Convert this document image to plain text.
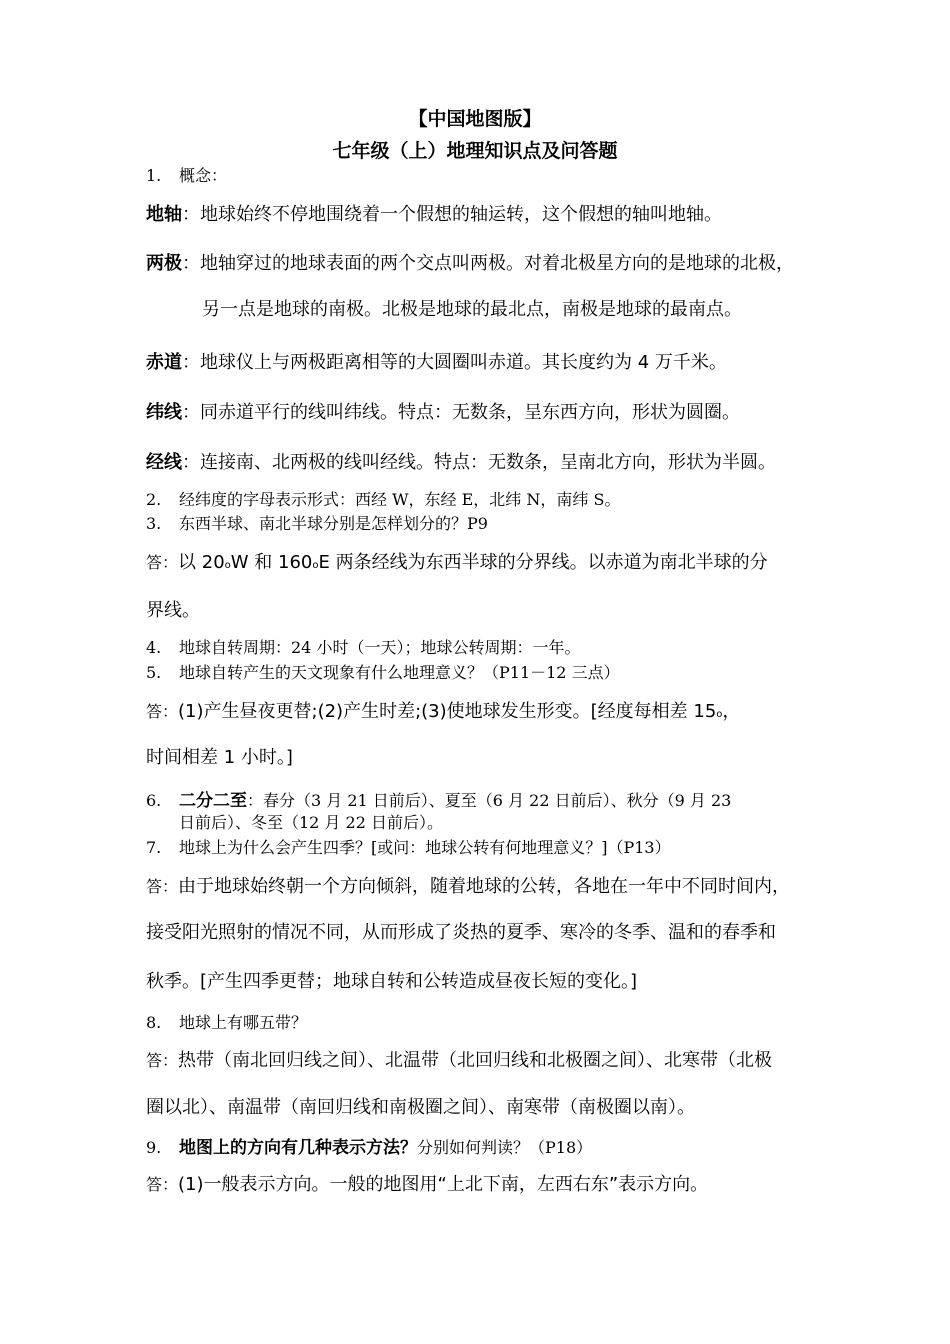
【中国地图版】
七年级（上）地理知识点及问答题
1. 概念：
地轴：地球始终不停地围绕着一个假想的轴运转，这个假想的轴叫地轴。
两极：地轴穿过的地球表面的两个交点叫两极。对着北极星方向的是地球的北极，
另一点是地球的南极。北极是地球的最北点，南极是地球的最南点。
赤道：地球仪上与两极距离相等的大圆圈叫赤道。其长度约为 4 万千米。
纬线：同赤道平行的线叫纬线。特点：无数条，呈东西方向，形状为圆圈。
经线：连接南、北两极的线叫经线。特点：无数条，呈南北方向，形状为半圆。
2. 经纬度的字母表示形式：西经 W，东经 E，北纬 N，南纬 S。
3. 东西半球、南北半球分别是怎样划分的？P9
答：以 20oW 和 160oE 两条经线为东西半球的分界线。以赤道为南北半球的分
界线。
4. 地球自转周期：24 小时（一天）；地球公转周期：一年。
5. 地球自转产生的天文现象有什么地理意义？（P11－12 三点）
答：(1)产生昼夜更替;(2)产生时差;(3)使地球发生形变。[经度每相差 15o，
时间相差 1 小时。]
6. 二分二至：春分（3 月 21 日前后）、夏至（6 月 22 日前后）、秋分（9 月 23
日前后）、冬至（12 月 22 日前后）。
7. 地球上为什么会产生四季？[或问：地球公转有何地理意义？]（P13）
答：由于地球始终朝一个方向倾斜，随着地球的公转，各地在一年中不同时间内，
接受阳光照射的情况不同，从而形成了炎热的夏季、寒冷的冬季、温和的春季和
秋季。[产生四季更替；地球自转和公转造成昼夜长短的变化。]
8. 地球上有哪五带？
答：热带（南北回归线之间）、北温带（北回归线和北极圈之间）、北寒带（北极
圈以北）、南温带（南回归线和南极圈之间）、南寒带（南极圈以南）。
9. 地图上的方向有几种表示方法？分别如何判读？（P18）
答：(1)一般表示方向。一般的地图用“上北下南，左西右东”表示方向。
